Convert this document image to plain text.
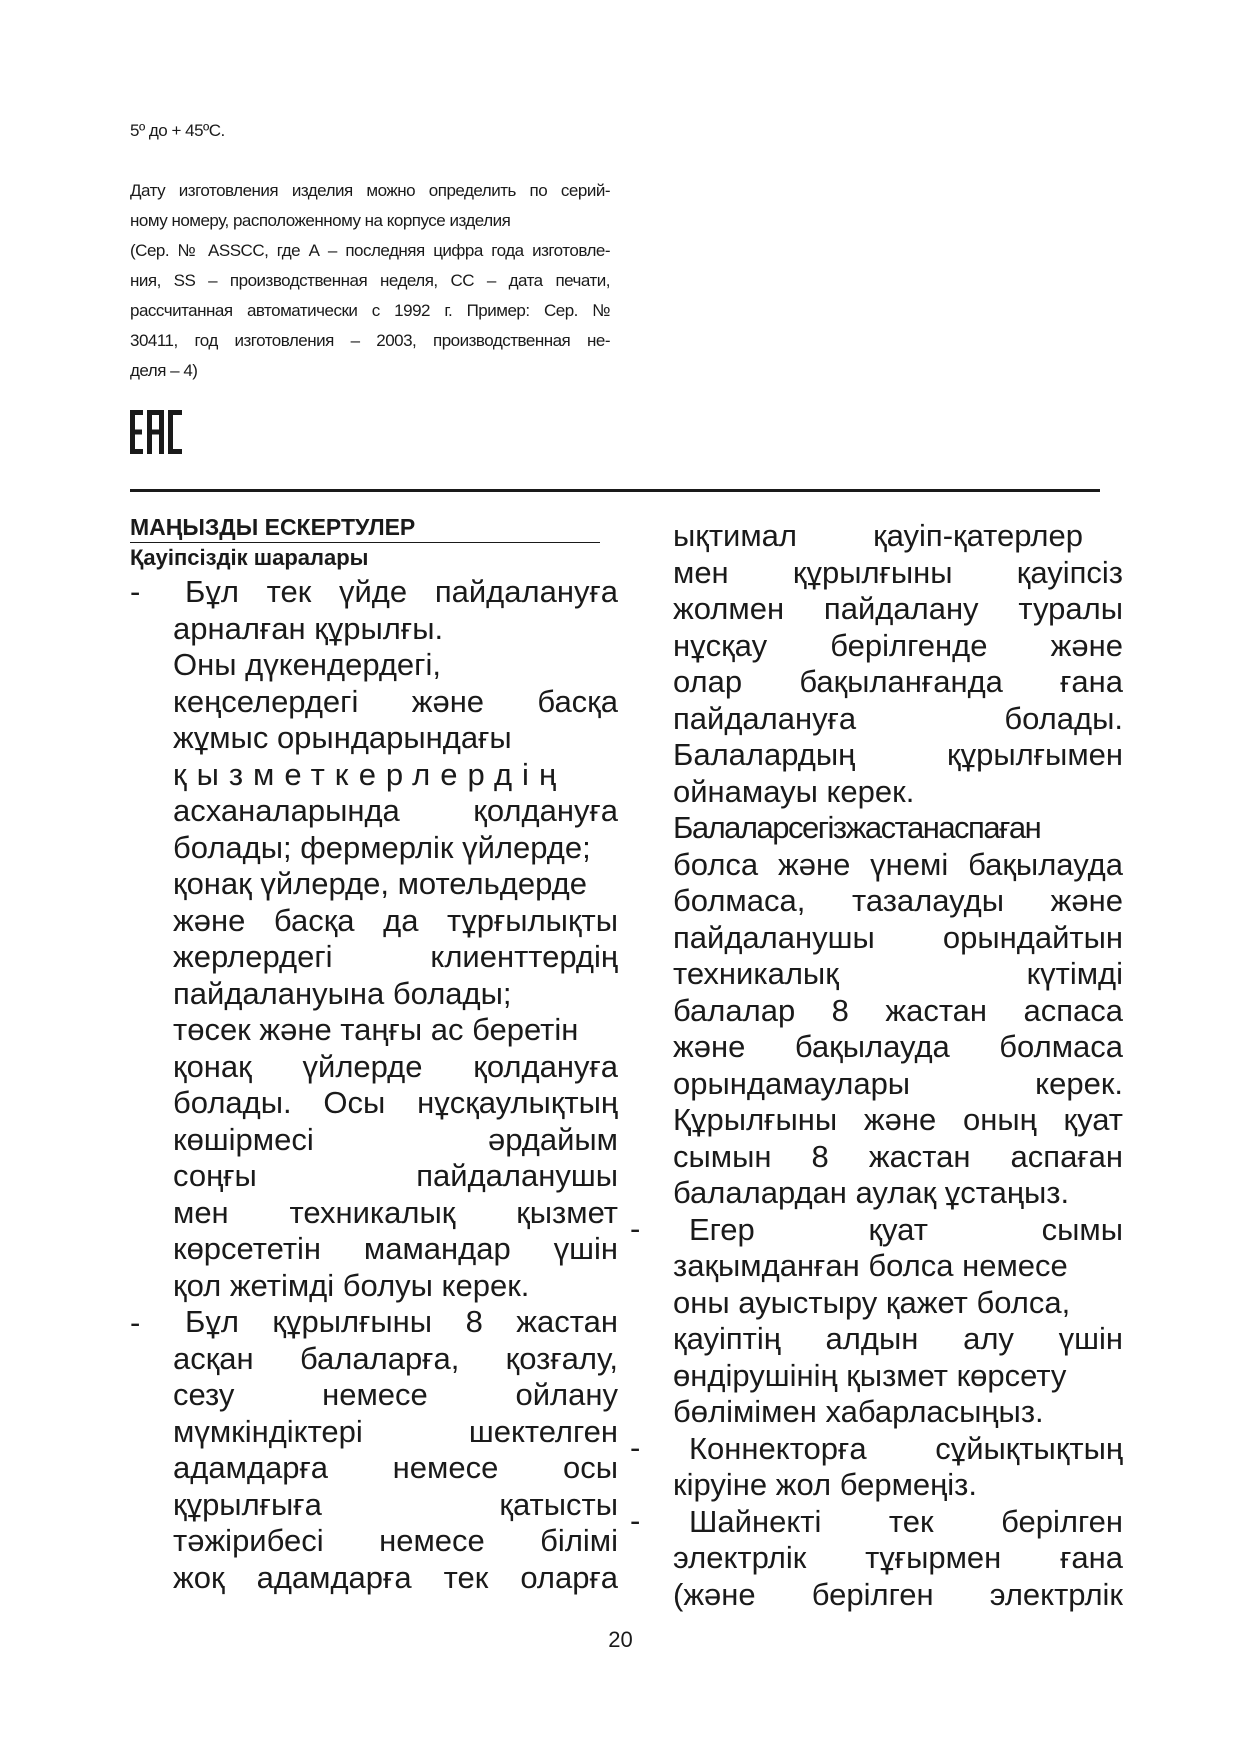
5º до + 45ºС.
Дату изготовления изделия можно определить по серий-
ному номеру, расположенному на корпусе изделия
(Сер. № ASSCC, где А – последняя цифра года изготовле-
ния, SS – производственная неделя, СС – дата печати,
рассчитанная автоматически с 1992 г. Пример: Сер. №
30411, год изготовления – 2003, производственная не-
деля – 4)
МАҢЫЗДЫ ЕСКЕРТУЛЕР
Қауіпсіздік шаралары
-
-
Бұл тек үйде пайдалануға
арналған құрылғы.
Оны дүкендердегі,
кеңселердегі және басқа
жұмыс орындарындағы
қызметкерлердің
асханаларында қолдануға
болады; фермерлік үйлерде;
қонақ үйлерде, мотельдерде
және басқа да тұрғылықты
жерлердегі клиенттердің
пайдалануына болады;
төсек және таңғы ас беретін
қонақ үйлерде қолдануға
болады. Осы нұсқаулықтың
көшірмесі әрдайым
соңғы пайдаланушы
мен техникалық қызмет
көрсететін мамандар үшін
қол жетімді болуы керек.
Бұл құрылғыны 8 жастан
асқан балаларға, қозғалу,
сезу немесе ойлану
мүмкіндіктері шектелген
адамдарға немесе осы
құрылғыға қатысты
тәжірибесі немесе білімі
жоқ адамдарға тек оларға
-
-
-
ықтимал қауіп-қатерлер
мен құрылғыны қауіпсіз
жолмен пайдалану туралы
нұсқау берілгенде және
олар бақыланғанда ғана
пайдалануға болады.
Балалардың құрылғымен
ойнамауы керек.
Балаларсегізжастанаспаған
болса және үнемі бақылауда
болмаса, тазалауды және
пайдаланушы орындайтын
техникалық күтімді
балалар 8 жастан аспаса
және бақылауда болмаса
орындамаулары керек.
Құрылғыны және оның қуат
сымын 8 жастан аспаған
балалардан аулақ ұстаңыз.
Егер қуат сымы
зақымданған болса немесе
оны ауыстыру қажет болса,
қауіптің алдын алу үшін
өндірушінің қызмет көрсету
бөлімімен хабарласыңыз.
Коннекторға сұйықтықтың
кіруіне жол бермеңіз.
Шайнекті тек берілген
электрлік тұғырмен ғана
(және берілген электрлік
20
